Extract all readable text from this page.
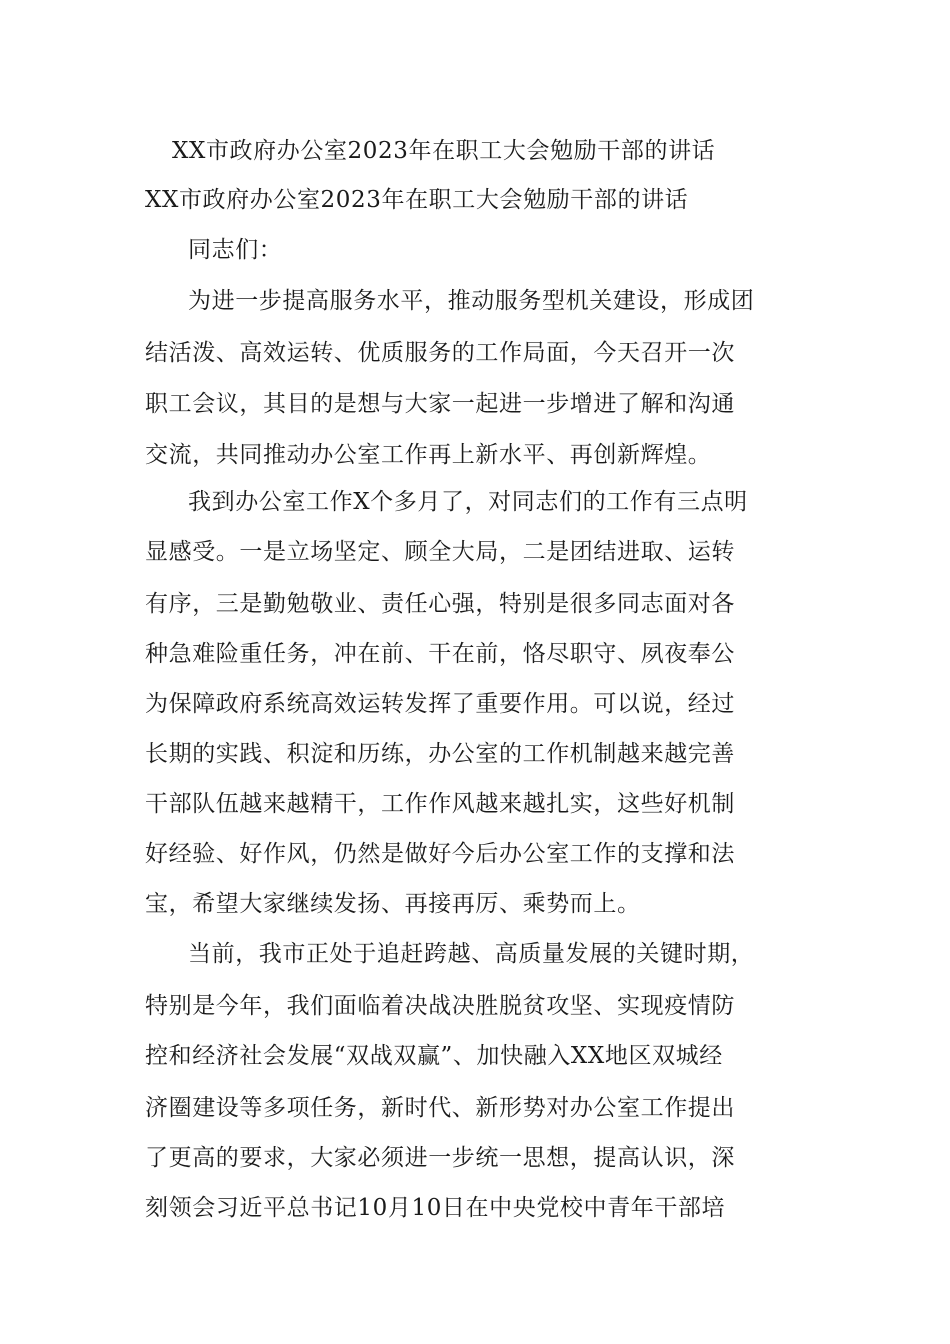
XX市政府办公室2023年在职工大会勉励干部的讲话
XX市政府办公室2023年在职工大会勉励干部的讲话
同志们：
为进一步提高服务水平，推动服务型机关建设，形成团
结活泼、高效运转、优质服务的工作局面，今天召开一次
职工会议，其目的是想与大家一起进一步增进了解和沟通
交流，共同推动办公室工作再上新水平、再创新辉煌。
我到办公室工作X个多月了，对同志们的工作有三点明
显感受。一是立场坚定、顾全大局，二是团结进取、运转
有序，三是勤勉敬业、责任心强，特别是很多同志面对各
种急难险重任务，冲在前、干在前，恪尽职守、夙夜奉公
为保障政府系统高效运转发挥了重要作用。可以说，经过
长期的实践、积淀和历练，办公室的工作机制越来越完善
干部队伍越来越精干，工作作风越来越扎实，这些好机制
好经验、好作风，仍然是做好今后办公室工作的支撑和法
宝，希望大家继续发扬、再接再厉、乘势而上。
当前，我市正处于追赶跨越、高质量发展的关键时期，
特别是今年，我们面临着决战决胜脱贫攻坚、实现疫情防
控和经济社会发展“双战双赢”、加快融入XX地区双城经
济圈建设等多项任务，新时代、新形势对办公室工作提出
了更高的要求，大家必须进一步统一思想，提高认识，深
刻领会习近平总书记10月10日在中央党校中青年干部培
